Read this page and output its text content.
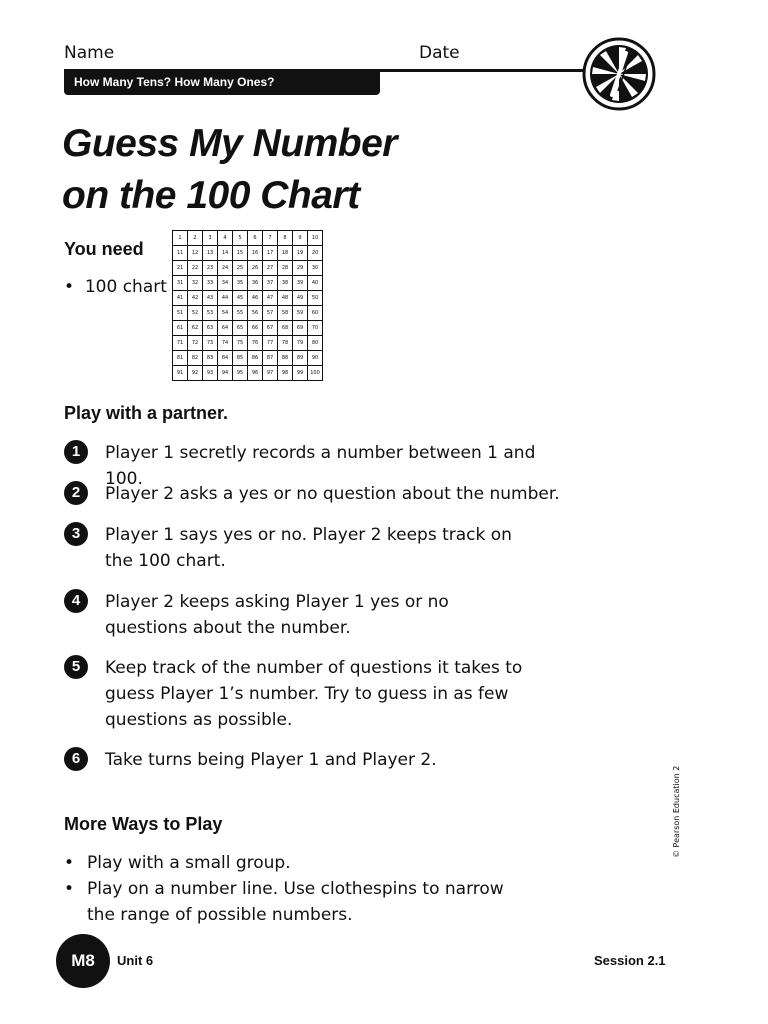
Name	Date
How Many Tens? How Many Ones?
Guess My Number
on the 100 Chart
You need
•  100 chart
1	2	3	4	5	6	7	8	9	10
11	12	13	14	15	16	17	18	19	20
21	22	23	24	25	26	27	28	29	30
31	32	33	34	35	36	37	38	39	40
41	42	43	44	45	46	47	48	49	50
51	52	53	54	55	56	57	58	59	60
61	62	63	64	65	66	67	68	69	70
71	72	73	74	75	76	77	78	79	80
81	82	83	84	85	86	87	88	89	90
91	92	93	94	95	96	97	98	99	100
Play with a partner.
1	Player 1 secretly records a number between 1 and 100.
2	Player 2 asks a yes or no question about the number.
3	Player 1 says yes or no. Player 2 keeps track on the 100 chart.
4	Player 2 keeps asking Player 1 yes or no questions about the number.
5	Keep track of the number of questions it takes to guess Player 1’s number. Try to guess in as few questions as possible.
6	Take turns being Player 1 and Player 2.
More Ways to Play
• Play with a small group.
• Play on a number line. Use clothespins to narrow the range of possible numbers.
© Pearson Education 2
M8	Unit 6	Session 2.1
